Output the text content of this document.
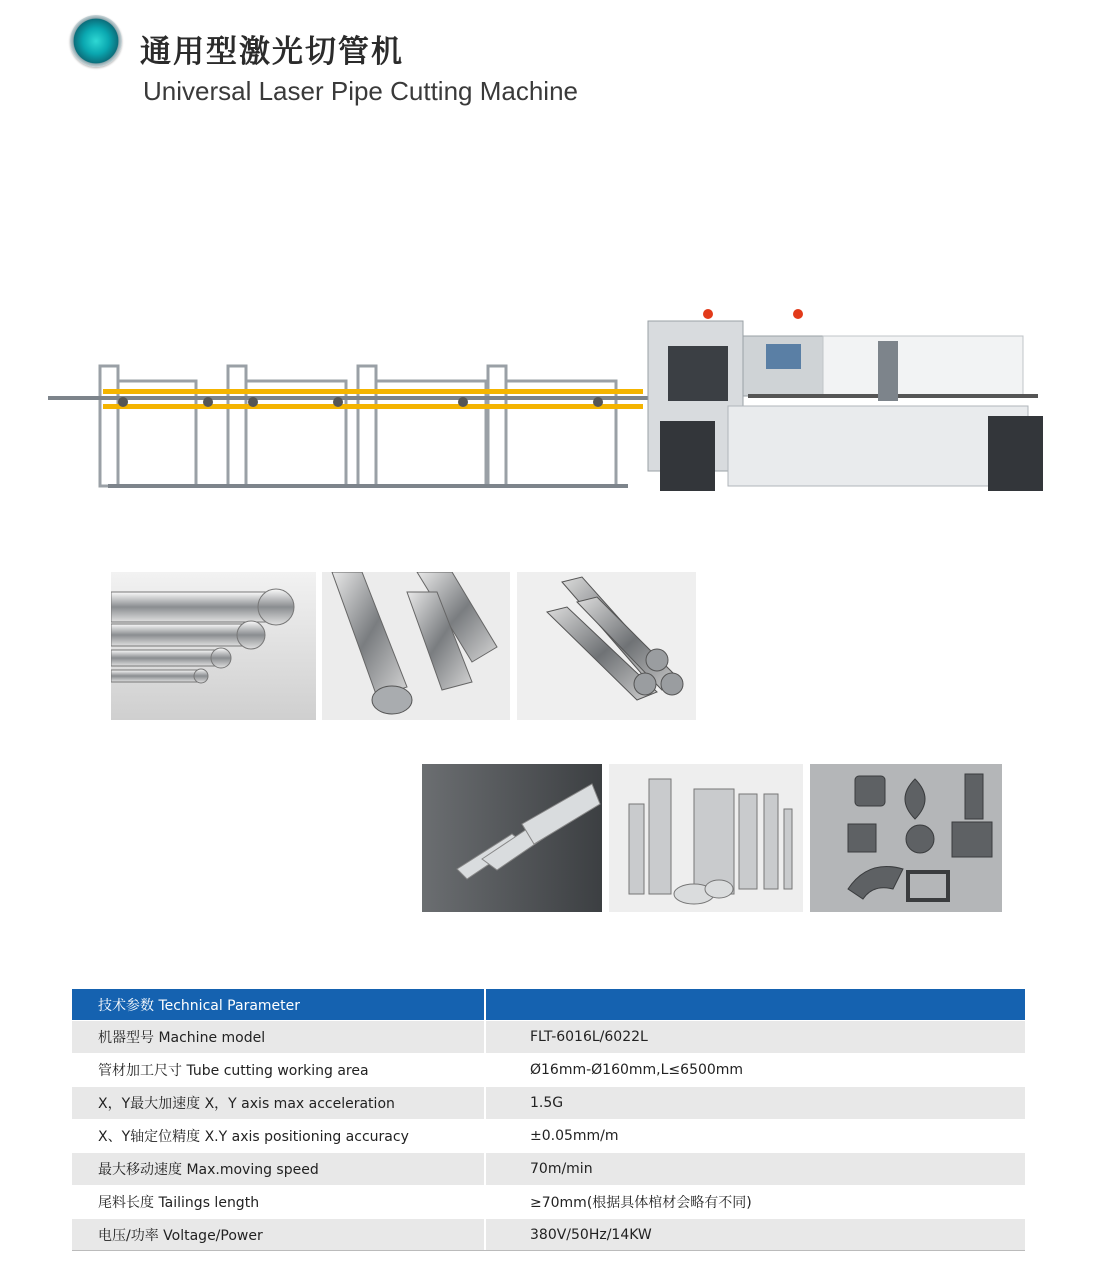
通用型激光切管机
Universal Laser Pipe Cutting Machine
技术参数 Technical Parameter	
机器型号 Machine model	FLT-6016L/6022L
管材加工尺寸 Tube cutting working area	Ø16mm-Ø160mm,L≤6500mm
X，Y最大加速度 X，Y axis max acceleration	1.5G
X、Y轴定位精度 X.Y axis positioning accuracy	±0.05mm/m
最大移动速度 Max.moving speed	70m/min
尾料长度 Tailings length	≥70mm(根据具体棺材会略有不同)
电压/功率 Voltage/Power	380V/50Hz/14KW
